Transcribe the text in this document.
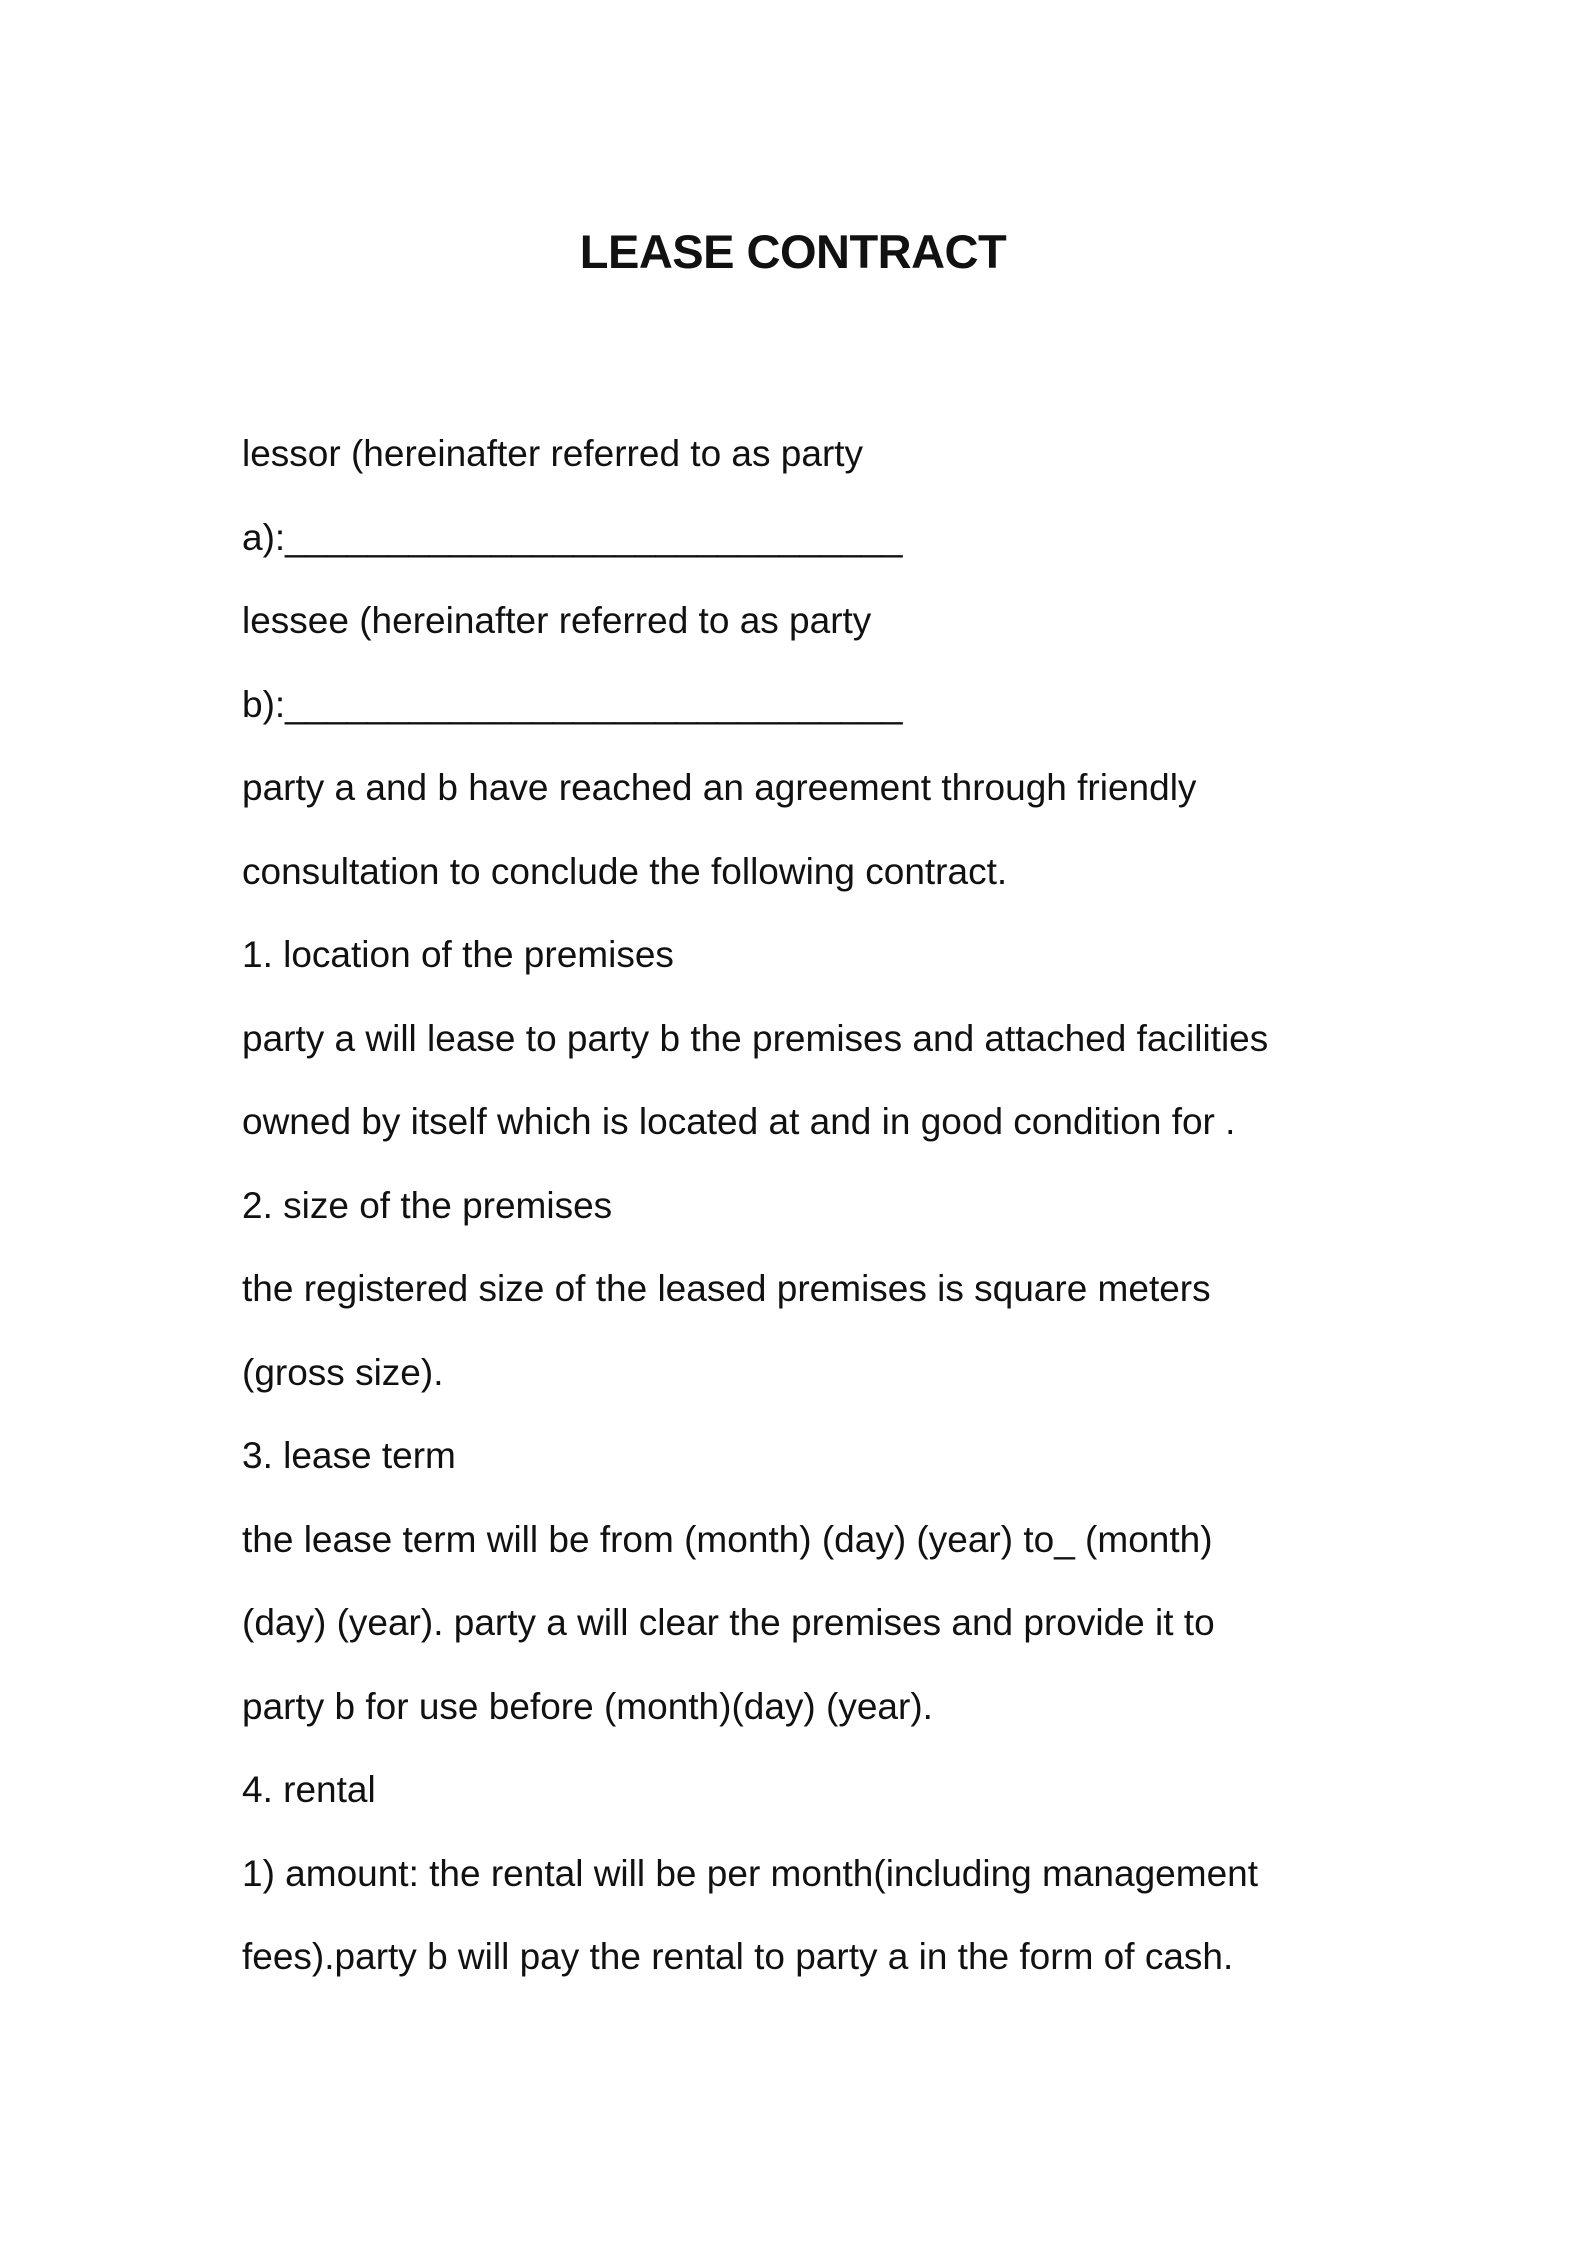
LEASE CONTRACT

lessor (hereinafter referred to as party

a):______________________________

lessee (hereinafter referred to as party

b):______________________________

party a and b have reached an agreement through friendly

consultation to conclude the following contract.

1. location of the premises

party a will lease to party b the premises and attached facilities

owned by itself which is located at and in good condition for .

2. size of the premises

the registered size of the leased premises is square meters

(gross size).

3. lease term

the lease term will be from (month) (day) (year) to_ (month)

(day) (year). party a will clear the premises and provide it to

party b for use before (month)(day) (year).

4. rental

1) amount: the rental will be per month(including management

fees).party b will pay the rental to party a in the form of cash.
